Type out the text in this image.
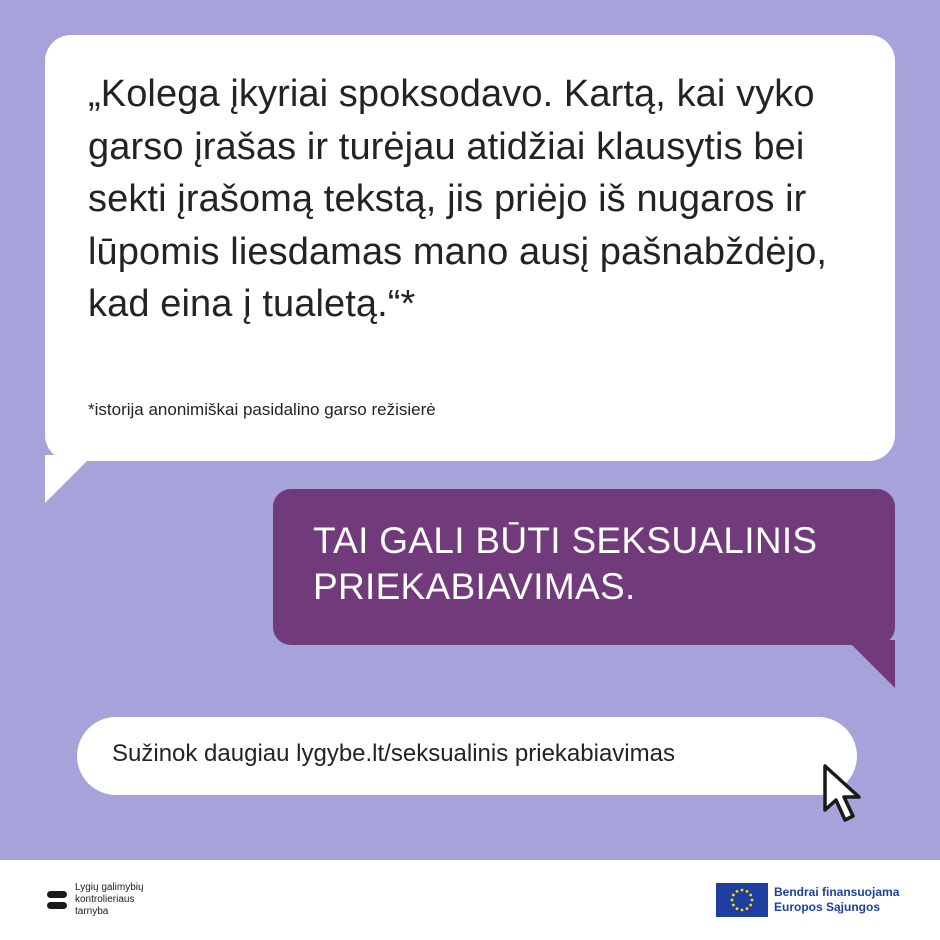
„Kolega įkyriai spoksodavo. Kartą, kai vyko garso įrašas ir turėjau atidžiai klausytis bei sekti įrašomą tekstą, jis priėjo iš nugaros ir lūpomis liesdamas mano ausį pašnabždėjo, kad eina į tualetą.“*

*istorija anonimiškai pasidalino garso režisierė

TAI GALI BŪTI SEKSUALINIS PRIEKABIAVIMAS.

Sužinok daugiau lygybe.lt/seksualinis priekabiavimas

Lygių galimybių
kontrolieriaus
tarnyba

Bendrai finansuojama
Europos Sąjungos
